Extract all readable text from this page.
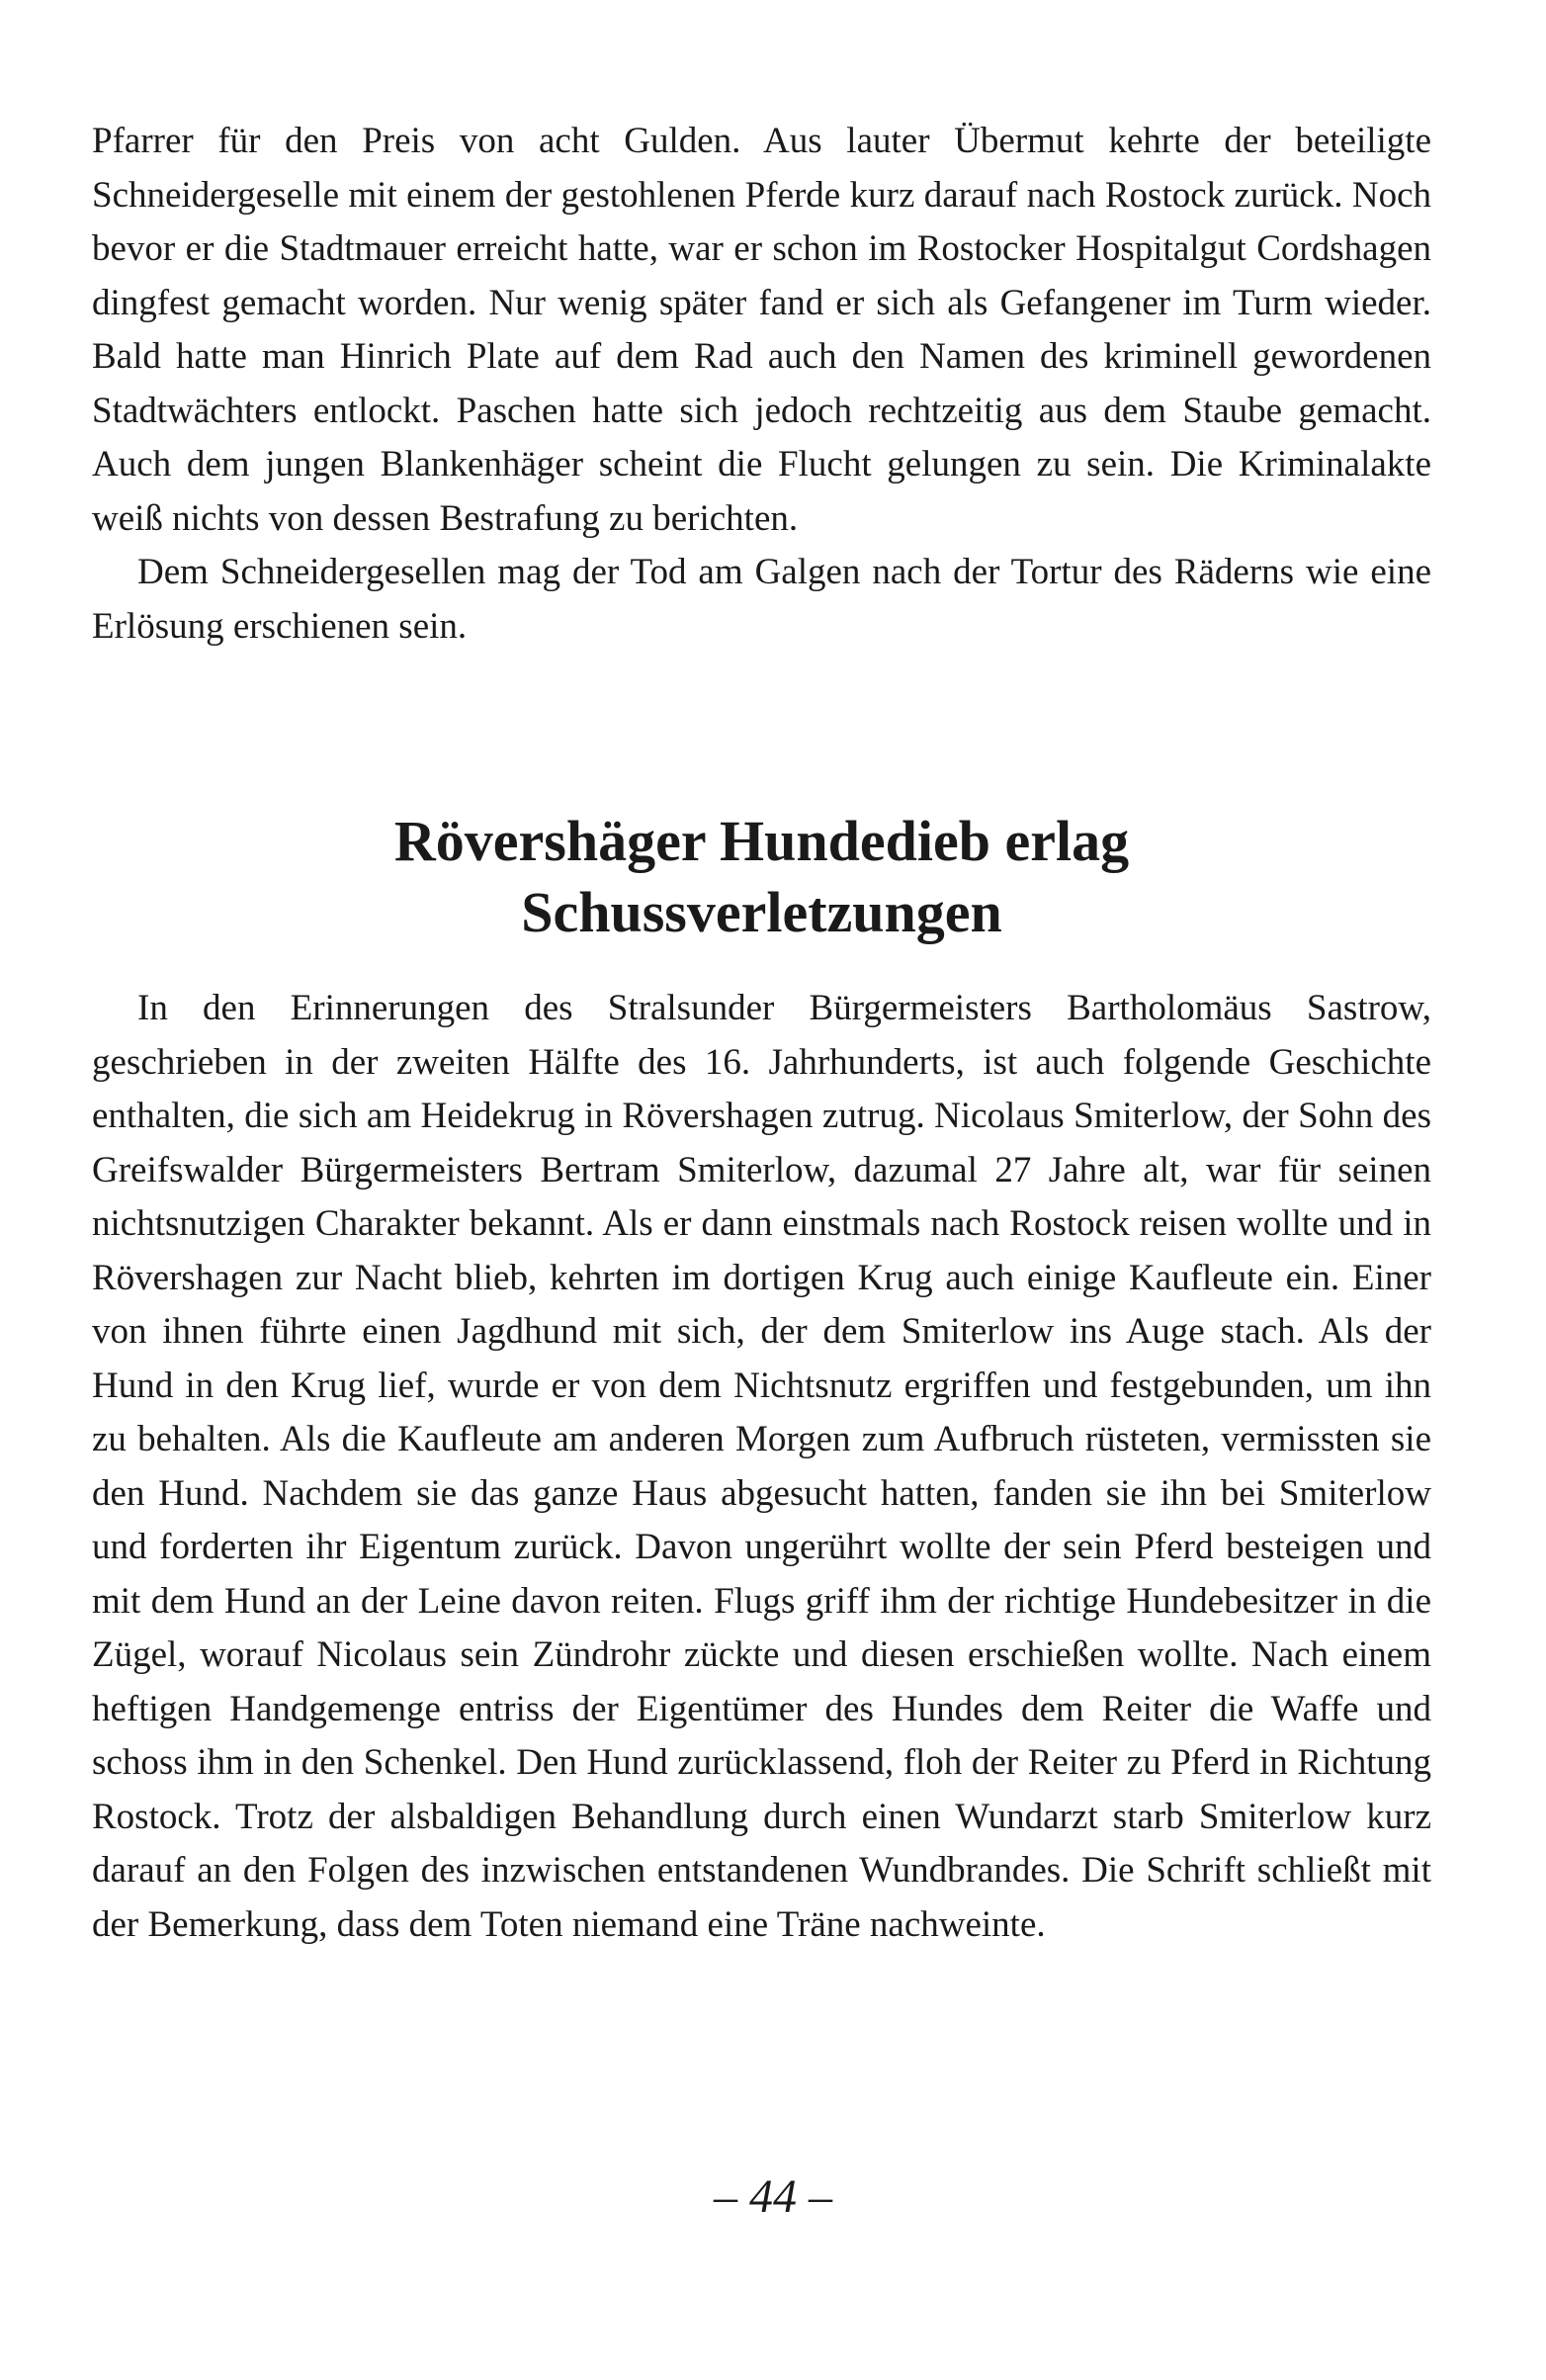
Pfarrer für den Preis von acht Gulden. Aus lauter Übermut kehrte der beteiligte Schneidergeselle mit einem der gestohlenen Pferde kurz darauf nach Rostock zurück. Noch bevor er die Stadtmauer erreicht hatte, war er schon im Rostocker Hospitalgut Cordshagen dingfest gemacht worden. Nur wenig später fand er sich als Gefangener im Turm wieder. Bald hatte man Hinrich Plate auf dem Rad auch den Namen des kriminell gewordenen Stadtwächters entlockt. Paschen hatte sich jedoch rechtzeitig aus dem Staube gemacht. Auch dem jungen Blankenhäger scheint die Flucht gelungen zu sein. Die Kriminalakte weiß nichts von dessen Bestrafung zu berichten.

Dem Schneidergesellen mag der Tod am Galgen nach der Tortur des Räderns wie eine Erlösung erschienen sein.

Rövershäger Hundedieb erlag
Schussverletzungen

In den Erinnerungen des Stralsunder Bürgermeisters Bartholomäus Sastrow, geschrieben in der zweiten Hälfte des 16. Jahrhunderts, ist auch folgende Geschichte enthalten, die sich am Heidekrug in Rövershagen zutrug. Nicolaus Smiterlow, der Sohn des Greifswalder Bürgermeisters Bertram Smiterlow, dazumal 27 Jahre alt, war für seinen nichtsnutzigen Charakter bekannt. Als er dann einstmals nach Rostock reisen wollte und in Rövershagen zur Nacht blieb, kehrten im dortigen Krug auch einige Kaufleute ein. Einer von ihnen führte einen Jagdhund mit sich, der dem Smiterlow ins Auge stach. Als der Hund in den Krug lief, wurde er von dem Nichtsnutz ergriffen und festgebunden, um ihn zu behalten. Als die Kaufleute am anderen Morgen zum Aufbruch rüsteten, vermissten sie den Hund. Nachdem sie das ganze Haus abgesucht hatten, fanden sie ihn bei Smiterlow und forderten ihr Eigentum zurück. Davon ungerührt wollte der sein Pferd besteigen und mit dem Hund an der Leine davon reiten. Flugs griff ihm der richtige Hundebesitzer in die Zügel, worauf Nicolaus sein Zündrohr zückte und diesen erschießen wollte. Nach einem heftigen Handgemenge entriss der Eigentümer des Hundes dem Reiter die Waffe und schoss ihm in den Schenkel. Den Hund zurücklassend, floh der Reiter zu Pferd in Richtung Rostock. Trotz der alsbaldigen Behandlung durch einen Wundarzt starb Smiterlow kurz darauf an den Folgen des inzwischen entstandenen Wundbrandes. Die Schrift schließt mit der Bemerkung, dass dem Toten niemand eine Träne nachweinte.

– 44 –
